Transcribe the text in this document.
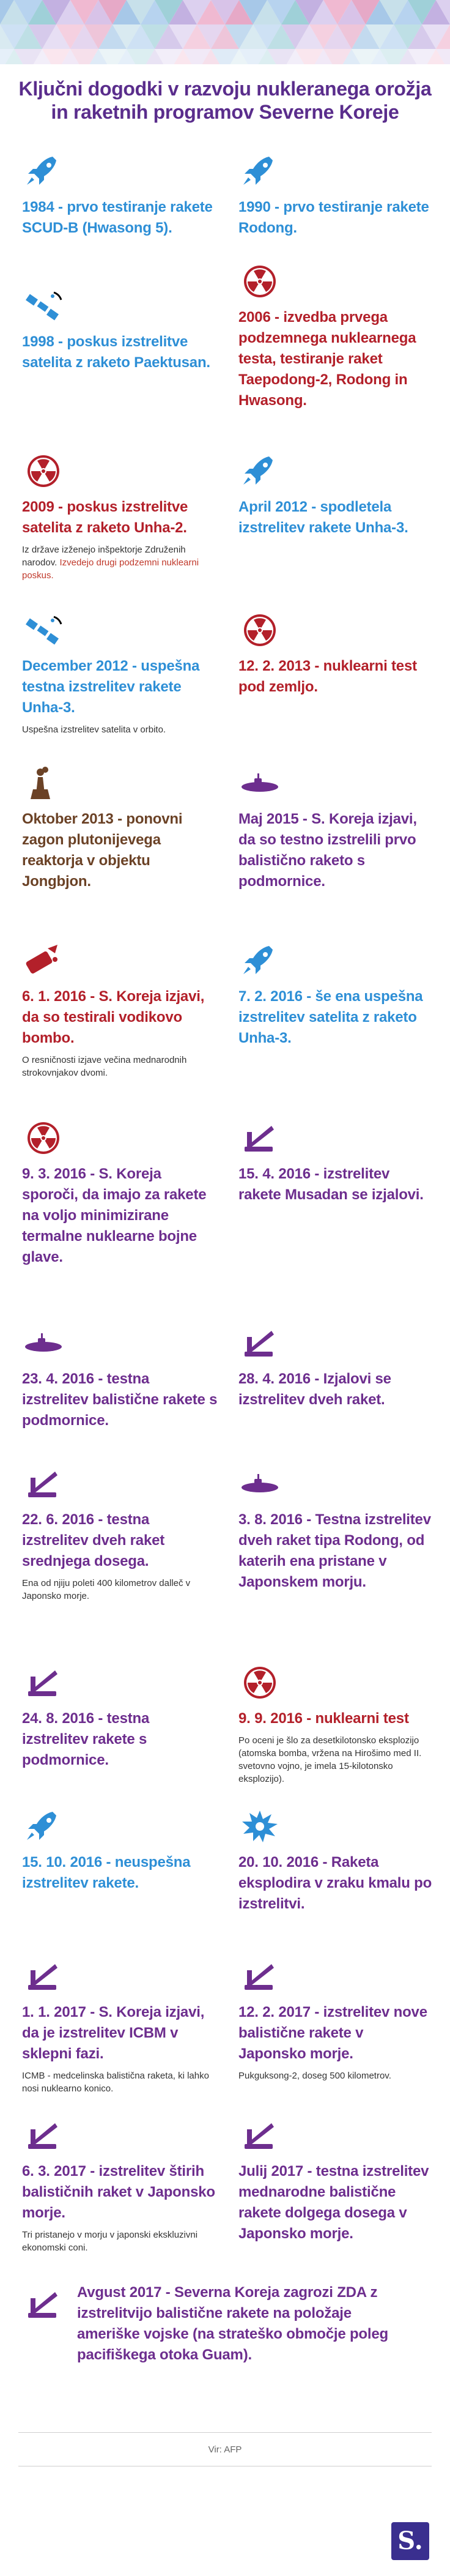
Ključni dogodki v razvoju nukleranega orožja
in raketnih programov Severne Koreje
1984 - prvo testiranje rakete SCUD-B (Hwasong 5).
1990 - prvo testiranje rakete Rodong.
1998 - poskus izstrelitve satelita z raketo Paektusan.
2006 - izvedba prvega podzemnega nuklearnega testa, testiranje raket Taepodong-2, Rodong in Hwasong.
2009 - poskus izstrelitve satelita z raketo Unha-2.
Iz države izženejo inšpektorje Združenih narodov. Izvedejo drugi podzemni nuklearni poskus.
April 2012 - spodletela izstrelitev rakete Unha-3.
December 2012 - uspešna testna izstrelitev rakete Unha-3.
Uspešna izstrelitev satelita v orbito.
12. 2. 2013 - nuklearni test pod zemljo.
Oktober 2013 - ponovni zagon plutonijevega reaktorja v objektu Jongbjon.
Maj 2015 - S. Koreja izjavi, da so testno izstrelili prvo balistično raketo s podmornice.
6. 1. 2016 - S. Koreja izjavi, da so testirali vodikovo bombo.
O resničnosti izjave večina mednarodnih strokovnjakov dvomi.
7. 2. 2016 - še ena uspešna izstrelitev satelita z raketo Unha-3.
9. 3. 2016 - S. Koreja sporoči, da imajo za rakete na voljo minimizirane termalne nuklearne bojne glave.
15. 4. 2016 - izstrelitev rakete Musadan se izjalovi.
23. 4. 2016 - testna izstrelitev balistične rakete s podmornice.
28. 4. 2016 - Izjalovi se izstrelitev dveh raket.
22. 6. 2016 - testna izstrelitev dveh raket srednjega dosega.
Ena od njiju poleti 400 kilometrov dalleč v Japonsko morje.
3. 8. 2016 - Testna izstrelitev dveh raket tipa Rodong, od katerih ena pristane v Japonskem morju.
24. 8. 2016 - testna izstrelitev rakete s podmornice.
9. 9. 2016 - nuklearni test
Po oceni je šlo za desetkilotonsko eksplozijo (atomska bomba, vržena na Hirošimo med II. svetovno vojno, je imela 15-kilotonsko eksplozijo).
15. 10. 2016 - neuspešna izstrelitev rakete.
20. 10. 2016 - Raketa eksplodira v zraku kmalu po izstrelitvi.
1. 1. 2017 - S. Koreja izjavi, da je izstrelitev ICBM v sklepni fazi.
ICMB - medcelinska balistična raketa, ki lahko nosi nuklearno konico.
12. 2. 2017 - izstrelitev nove balistične rakete v Japonsko morje.
Pukguksong-2, doseg 500 kilometrov.
6. 3. 2017 - izstrelitev štirih balističnih raket v Japonsko morje.
Tri pristanejo v morju v japonski ekskluzivni ekonomski coni.
Julij 2017 - testna izstrelitev mednarodne balistične rakete dolgega dosega v Japonsko morje.
Avgust 2017 - Severna Koreja zagrozi ZDA z izstrelitvijo balistične rakete na položaje ameriške vojske (na strateško območje poleg pacifiškega otoka Guam).
Vir: AFP
S.
